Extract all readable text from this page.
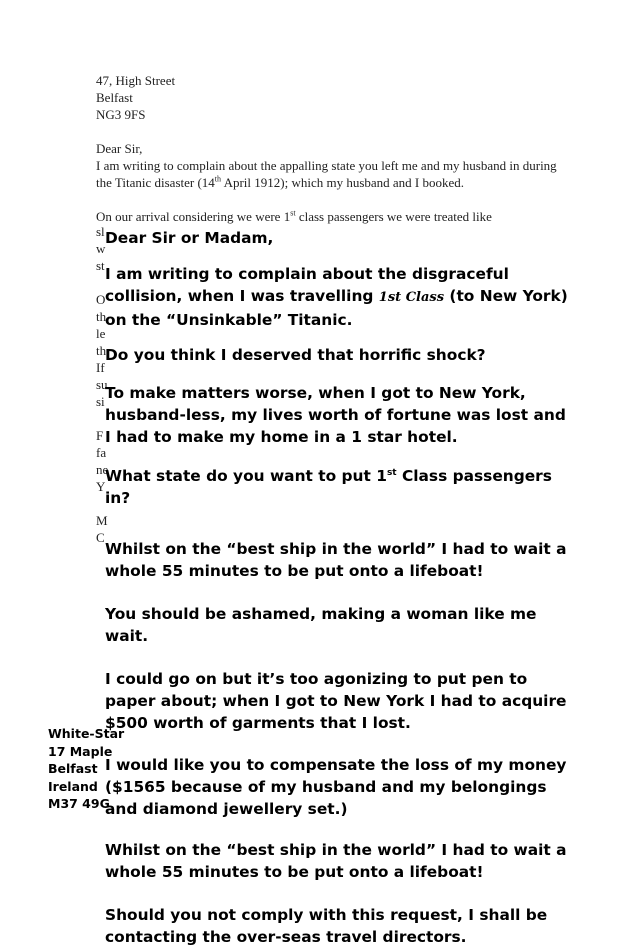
47, High Street
Belfast
NG3 9FS

Dear Sir,
I am writing to complain about the appalling state you left me and my husband in during the Titanic disaster (14th April 1912); which my husband and I booked.

On our arrival considering we were 1st class passengers we were treated like

sl
w
st
O
th
le
th
If
su
si
F
fa
ne
Y
M
C

Dear Sir or Madam,

I am writing to complain about the disgraceful collision, when I was travelling 1st Class (to New York) on the “Unsinkable” Titanic.

Do you think I deserved that horrific shock?

To make matters worse, when I got to New York, husband-less, my lives worth of fortune was lost and I had to make my home in a 1 star hotel.

What state do you want to put 1st Class passengers in?

Whilst on the “best ship in the world” I had to wait a whole 55 minutes to be put onto a lifeboat!

You should be ashamed, making a woman like me wait.

I could go on but it’s too agonizing to put pen to paper about; when I got to New York I had to acquire $500 worth of garments that I lost.

I would like you to compensate the loss of my money ($1565 because of my husband and my belongings and diamond jewellery set.)

Whilst on the “best ship in the world” I had to wait a whole 55 minutes to be put onto a lifeboat!

Should you not comply with this request, I shall be contacting the over-seas travel directors.

White-Star
17 Maple
Belfast
Ireland
M37 49G
